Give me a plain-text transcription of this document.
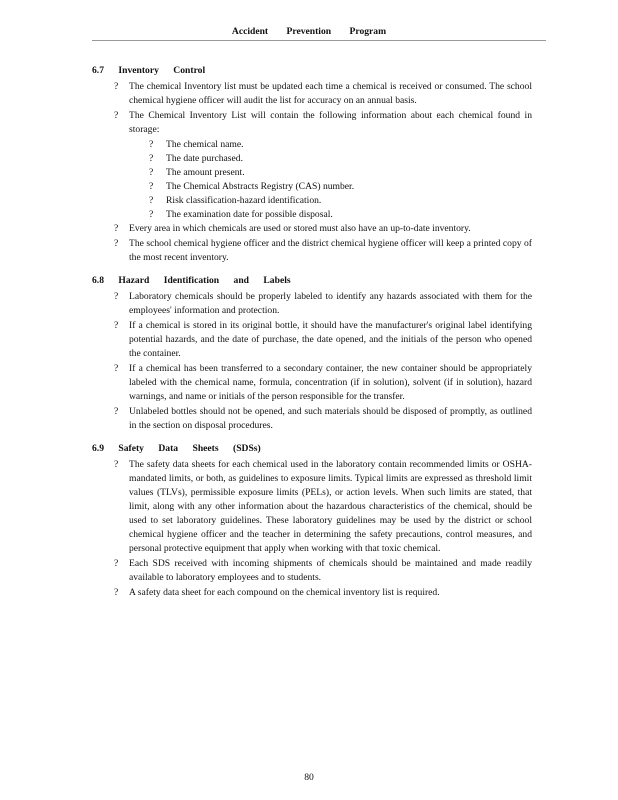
Accident Prevention Program
6.7 Inventory Control
? The chemical Inventory list must be updated each time a chemical is received or consumed. The school chemical hygiene officer will audit the list for accuracy on an annual basis.
? The Chemical Inventory List will contain the following information about each chemical found in storage:
? The chemical name.
? The date purchased.
? The amount present.
? The Chemical Abstracts Registry (CAS) number.
? Risk classification-hazard identification.
? The examination date for possible disposal.
? Every area in which chemicals are used or stored must also have an up-to-date inventory.
? The school chemical hygiene officer and the district chemical hygiene officer will keep a printed copy of the most recent inventory.
6.8 Hazard Identification and Labels
? Laboratory chemicals should be properly labeled to identify any hazards associated with them for the employees' information and protection.
? If a chemical is stored in its original bottle, it should have the manufacturer's original label identifying potential hazards, and the date of purchase, the date opened, and the initials of the person who opened the container.
? If a chemical has been transferred to a secondary container, the new container should be appropriately labeled with the chemical name, formula, concentration (if in solution), solvent (if in solution), hazard warnings, and name or initials of the person responsible for the transfer.
? Unlabeled bottles should not be opened, and such materials should be disposed of promptly, as outlined in the section on disposal procedures.
6.9 Safety Data Sheets (SDSs)
? The safety data sheets for each chemical used in the laboratory contain recommended limits or OSHA-mandated limits, or both, as guidelines to exposure limits. Typical limits are expressed as threshold limit values (TLVs), permissible exposure limits (PELs), or action levels. When such limits are stated, that limit, along with any other information about the hazardous characteristics of the chemical, should be used to set laboratory guidelines. These laboratory guidelines may be used by the district or school chemical hygiene officer and the teacher in determining the safety precautions, control measures, and personal protective equipment that apply when working with that toxic chemical.
? Each SDS received with incoming shipments of chemicals should be maintained and made readily available to laboratory employees and to students.
? A safety data sheet for each compound on the chemical inventory list is required.
80
